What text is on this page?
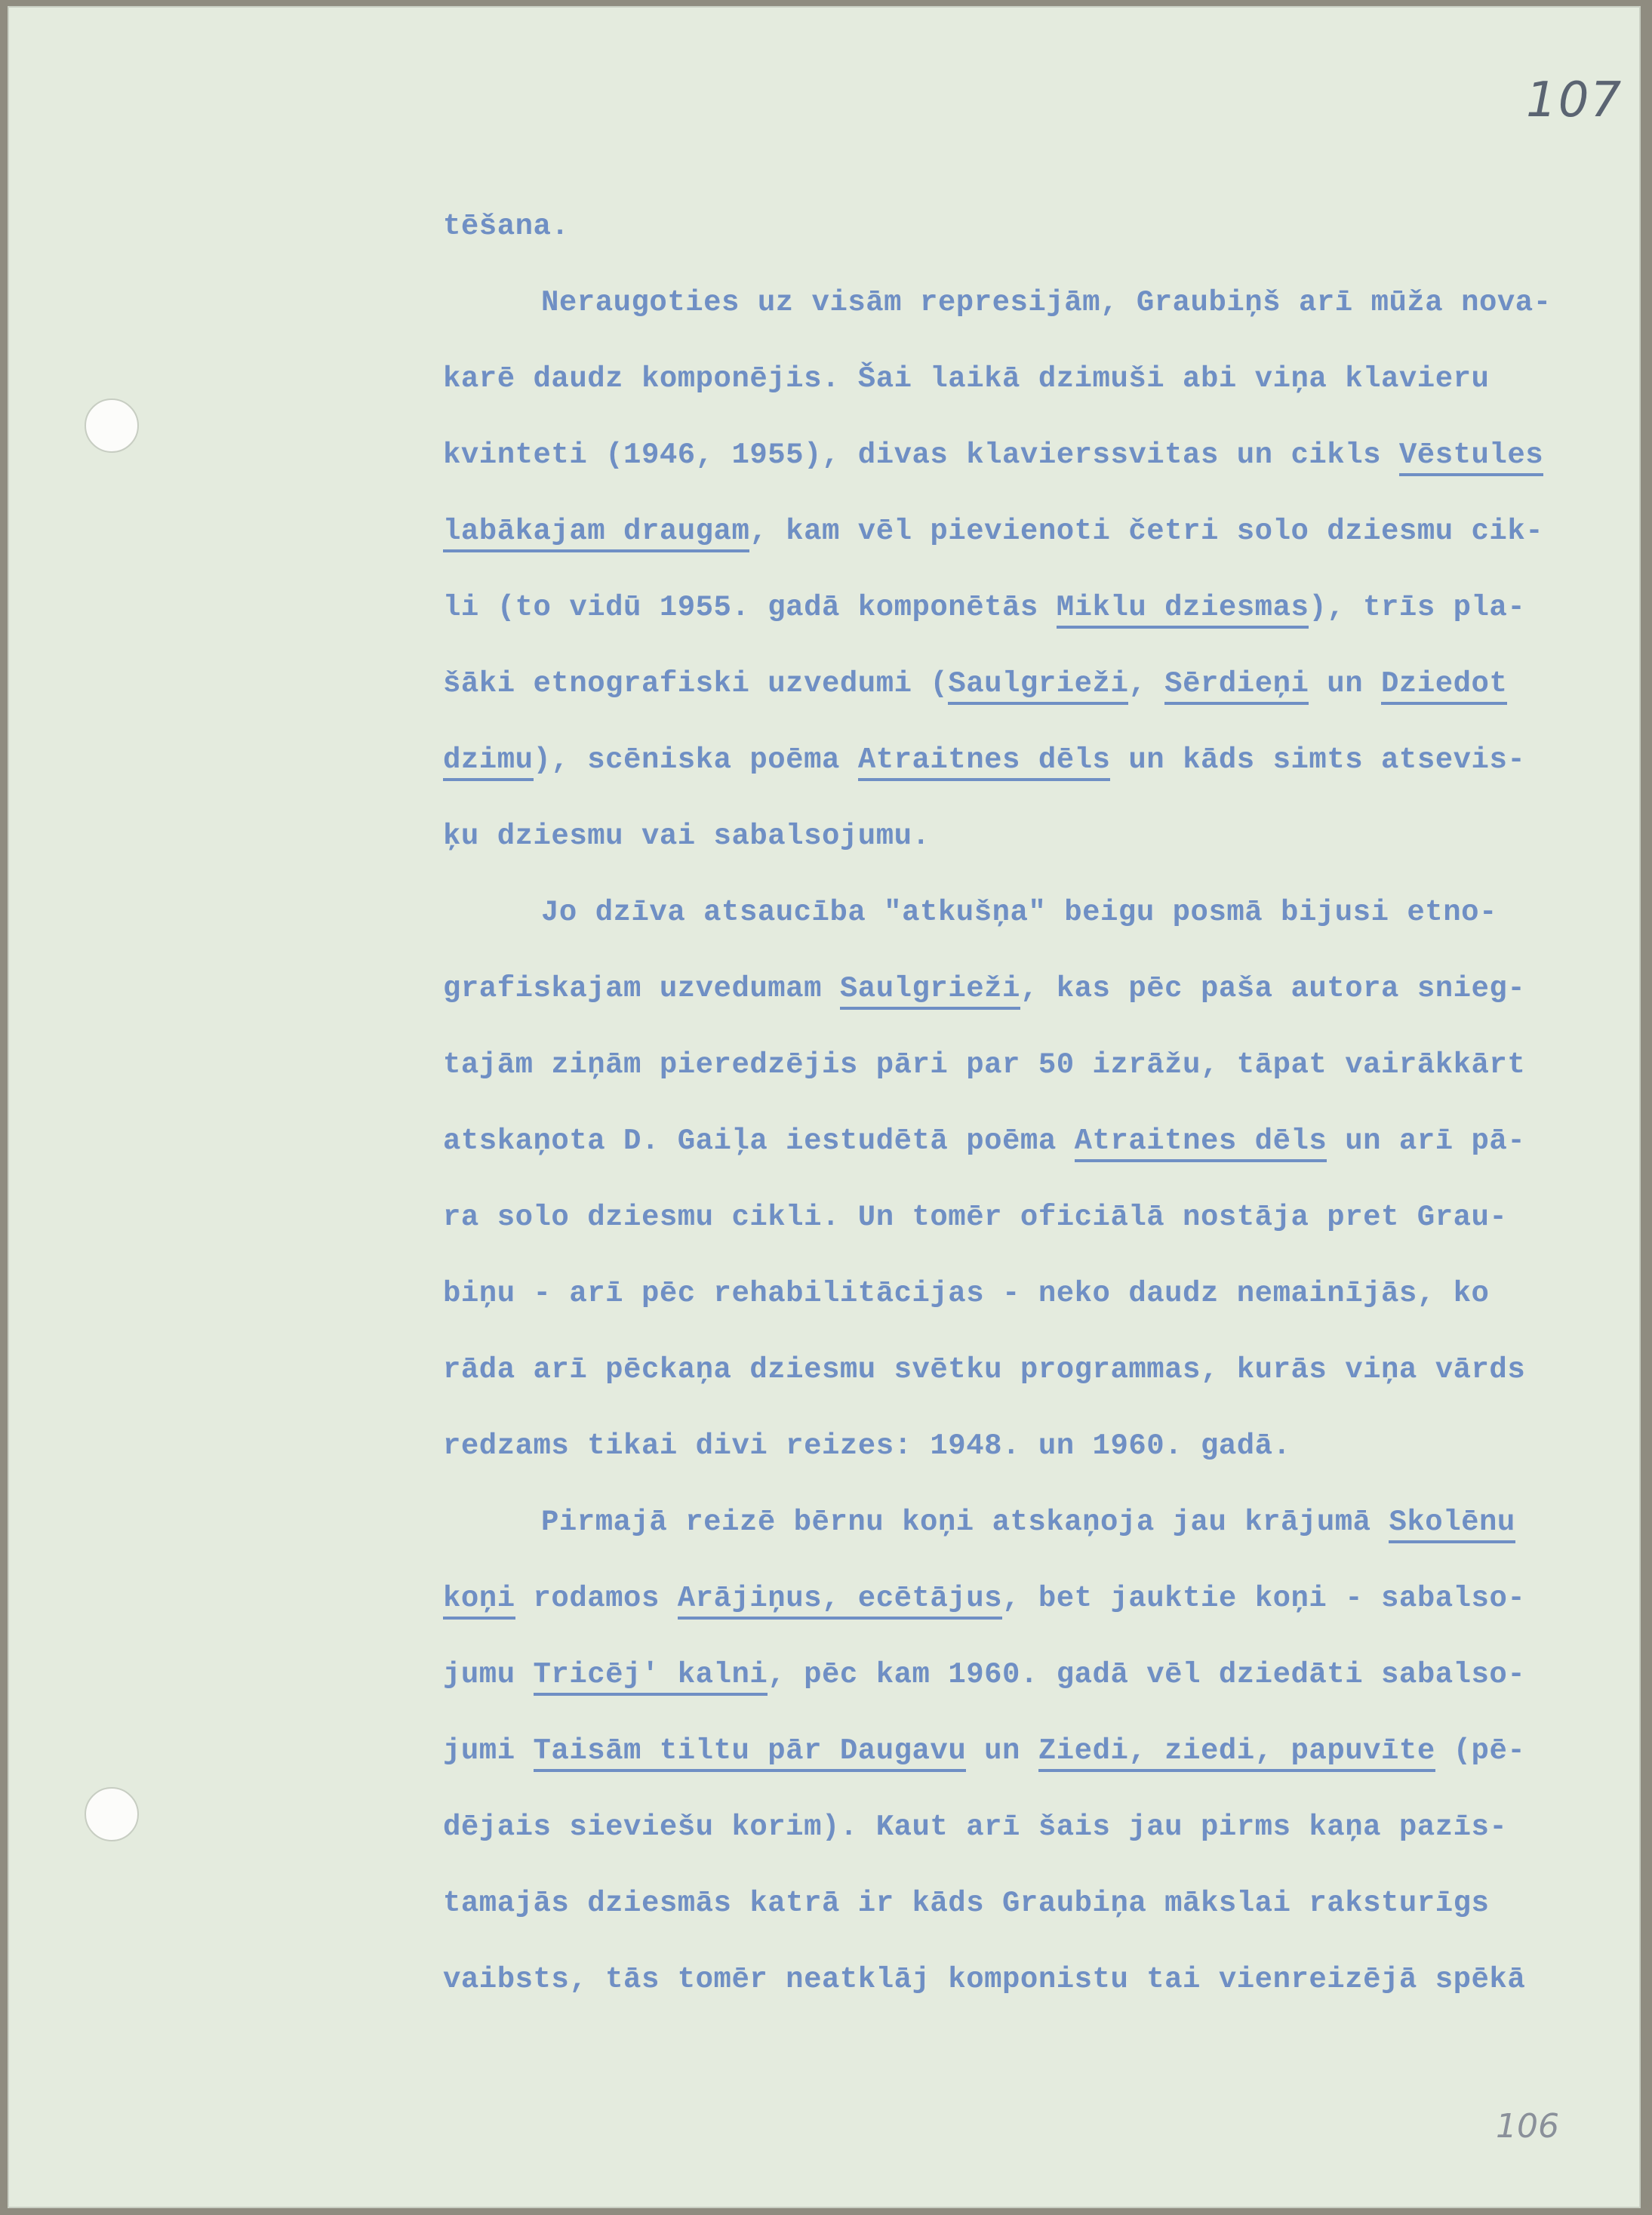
107
106
tēšana.
Neraugoties uz visām represijām, Graubiņš arī mūža nova-
karē daudz komponējis. Šai laikā dzimuši abi viņa klavieru
kvinteti (1946, 1955), divas klavierssvitas un cikls Vēstules
labākajam draugam, kam vēl pievienoti četri solo dziesmu cik-
li (to vidū 1955. gadā komponētās Miklu dziesmas), trīs pla-
šāki etnografiski uzvedumi (Saulgrieži, Sērdieņi un Dziedot
dzimu), scēniska poēma Atraitnes dēls un kāds simts atsevis-
ķu dziesmu vai sabalsojumu.
Jo dzīva atsaucība "atkušņa" beigu posmā bijusi etno-
grafiskajam uzvedumam Saulgrieži, kas pēc paša autora snieg-
tajām ziņām pieredzējis pāri par 50 izrāžu, tāpat vairākkārt
atskaņota D. Gaiļa iestudētā poēma Atraitnes dēls un arī pā-
ra solo dziesmu cikli. Un tomēr oficiālā nostāja pret Grau-
biņu - arī pēc rehabilitācijas - neko daudz nemainījās, ko
rāda arī pēckaņa dziesmu svētku programmas, kurās viņa vārds
redzams tikai divi reizes: 1948. un 1960. gadā.
Pirmajā reizē bērnu koņi atskaņoja jau krājumā Skolēnu
koņi rodamos Arājiņus, ecētājus, bet jauktie koņi - sabalso-
jumu Tricēj' kalni, pēc kam 1960. gadā vēl dziedāti sabalso-
jumi Taisām tiltu pār Daugavu un Ziedi, ziedi, papuvīte (pē-
dējais sieviešu korim). Kaut arī šais jau pirms kaņa pazīs-
tamajās dziesmās katrā ir kāds Graubiņa mākslai raksturīgs
vaibsts, tās tomēr neatklāj komponistu tai vienreizējā spēkā
